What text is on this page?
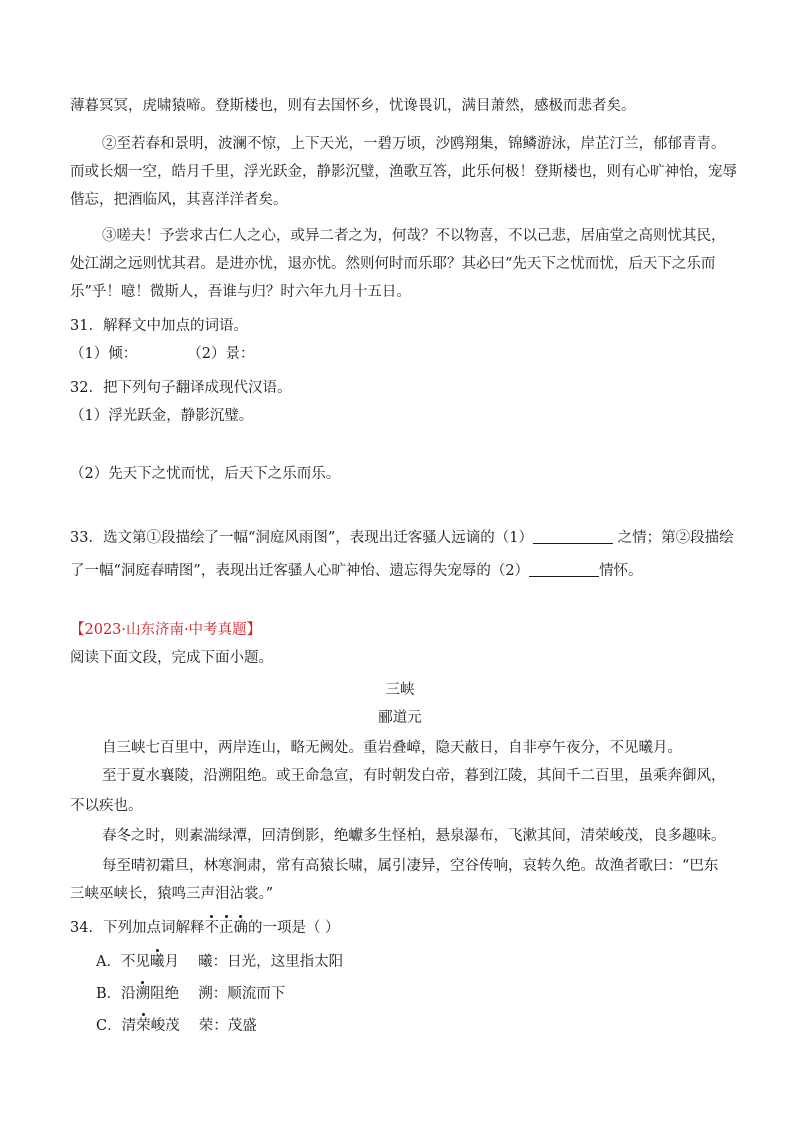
薄暮冥冥，虎啸猿啼。登斯楼也，则有去国怀乡，忧谗畏讥，满目萧然，感极而悲者矣。
②至若春和景明，波澜不惊，上下天光，一碧万顷，沙鸥翔集，锦鳞游泳，岸芷汀兰，郁郁青青。
而或长烟一空，皓月千里，浮光跃金，静影沉璧，渔歌互答，此乐何极！登斯楼也，则有心旷神怡，宠辱
偕忘，把酒临风，其喜洋洋者矣。
③嗟夫！予尝求古仁人之心，或异二者之为，何哉？不以物喜，不以己悲，居庙堂之高则忧其民，
处江湖之远则忧其君。是进亦忧，退亦忧。然则何时而乐耶？其必曰“先天下之忧而忧，后天下之乐而
乐”乎！噫！微斯人，吾谁与归？时六年九月十五日。
31．解释文中加点的词语。
（1）倾：	（2）景：
32．把下列句子翻译成现代汉语。
（1）浮光跃金，静影沉璧。
（2）先天下之忧而忧，后天下之乐而乐。
33．选文第①段描绘了一幅“洞庭风雨图”，表现出迁客骚人远谪的（1）	之情；第②段描绘
了一幅“洞庭春晴图”，表现出迁客骚人心旷神怡、遗忘得失宠辱的（2）	情怀。
【2023·山东济南·中考真题】
阅读下面文段，完成下面小题。
三峡
郦道元
自三峡七百里中，两岸连山，略无阙处。重岩叠嶂，隐天蔽日，自非亭午夜分，不见曦月。
至于夏水襄陵，沿溯阻绝。或王命急宣，有时朝发白帝，暮到江陵，其间千二百里，虽乘奔御风，
不以疾也。
春冬之时，则素湍绿潭，回清倒影，绝巘多生怪柏，悬泉瀑布，飞漱其间，清荣峻茂，良多趣味。
每至晴初霜旦，林寒涧肃，常有高猿长啸，属引凄异，空谷传响，哀转久绝。故渔者歌曰：“巴东
三峡巫峡长，猿鸣三声泪沾裳。”
34．下列加点词解释不正确的一项是（ ）
A．不见曦月　 曦：日光，这里指太阳
B．沿溯阻绝　 溯：顺流而下
C．清荣峻茂　 荣：茂盛
